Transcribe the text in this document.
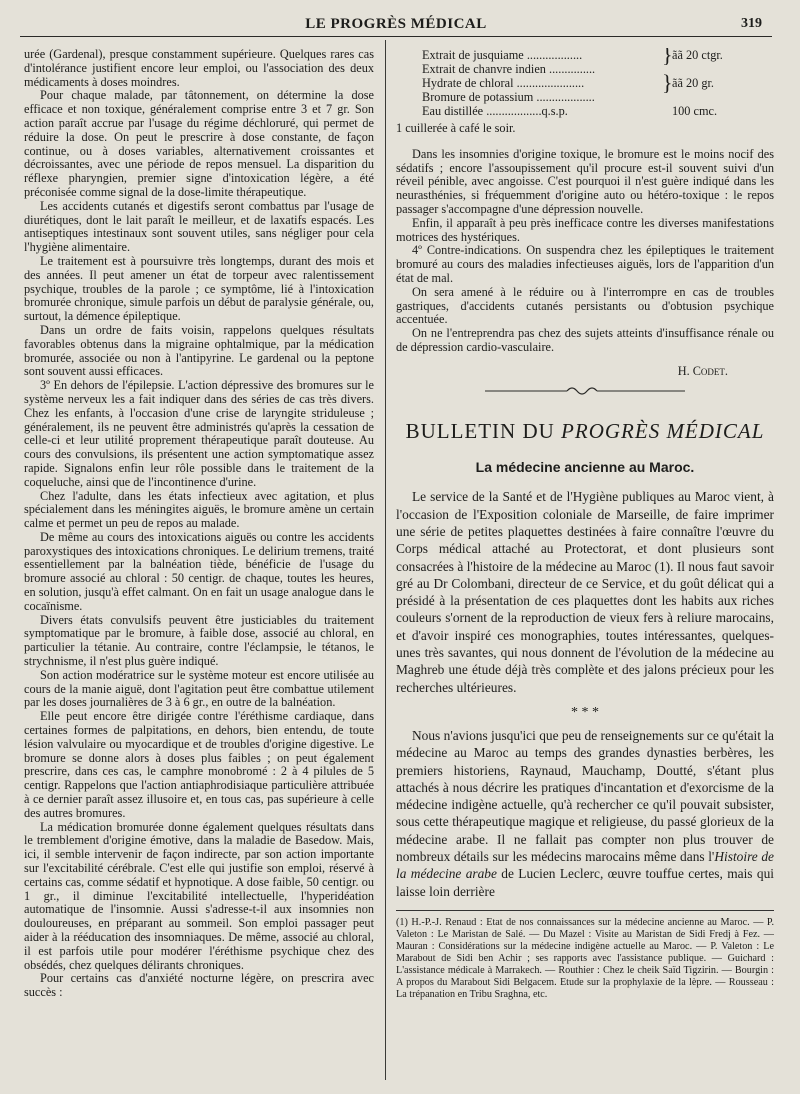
LE PROGRÈS MÉDICAL	319

urée (Gardenal), presque constamment supérieure. Quelques rares cas d'intolérance justifient encore leur emploi, ou l'association des deux médicaments à doses moindres.

Pour chaque malade, par tâtonnement, on détermine la dose efficace et non toxique, généralement comprise entre 3 et 7 gr. Son action paraît accrue par l'usage du régime déchloruré, qui permet de réduire la dose. On peut le prescrire à dose constante, de façon continue, ou à doses variables, alternativement croissantes et décroissantes, avec une période de repos mensuel. La disparition du réflexe pharyngien, premier signe d'intoxication légère, a été préconisée comme signal de la dose-limite thérapeutique.

Les accidents cutanés et digestifs seront combattus par l'usage de diurétiques, dont le lait paraît le meilleur, et de laxatifs espacés. Les antiseptiques intestinaux sont souvent utiles, sans négliger pour cela l'hygiène alimentaire.

Le traitement est à poursuivre très longtemps, durant des mois et des années. Il peut amener un état de torpeur avec ralentissement psychique, troubles de la parole ; ce symptôme, lié à l'intoxication bromurée chronique, simule parfois un début de paralysie générale, ou, surtout, la démence épileptique.

Dans un ordre de faits voisin, rappelons quelques résultats favorables obtenus dans la migraine ophtalmique, par la médication bromurée, associée ou non à l'antipyrine. Le gardenal ou la peptone sont souvent aussi efficaces.

3º En dehors de l'épilepsie. L'action dépressive des bromures sur le système nerveux les a fait indiquer dans des séries de cas très divers. Chez les enfants, à l'occasion d'une crise de laryngite striduleuse ; généralement, ils ne peuvent être administrés qu'après la cessation de celle-ci et leur utilité proprement thérapeutique paraît douteuse. Au cours des convulsions, ils présentent une action symptomatique assez rapide. Signalons enfin leur rôle possible dans le traitement de la coqueluche, ainsi que de l'incontinence d'urine.

Chez l'adulte, dans les états infectieux avec agitation, et plus spécialement dans les méningites aiguës, le bromure amène un certain calme et permet un peu de repos au malade.

De même au cours des intoxications aiguës ou contre les accidents paroxystiques des intoxications chroniques. Le delirium tremens, traité essentiellement par la balnéation tiède, bénéficie de l'usage du bromure associé au chloral : 50 centigr. de chaque, toutes les heures, en solution, jusqu'à effet calmant. On en fait un usage analogue dans le cocaïnisme.

Divers états convulsifs peuvent être justiciables du traitement symptomatique par le bromure, à faible dose, associé au chloral, en particulier la tétanie. Au contraire, contre l'éclampsie, le tétanos, le strychnisme, il n'est plus guère indiqué.

Son action modératrice sur le système moteur est encore utilisée au cours de la manie aiguë, dont l'agitation peut être combattue utilement par les doses journalières de 3 à 6 gr., en outre de la balnéation.

Elle peut encore être dirigée contre l'éréthisme cardiaque, dans certaines formes de palpitations, en dehors, bien entendu, de toute lésion valvulaire ou myocardique et de troubles d'origine digestive. Le bromure se donne alors à doses plus faibles ; on peut également prescrire, dans ces cas, le camphre monobromé : 2 à 4 pilules de 5 centigr. Rappelons que l'action antiaphrodisiaque particulière attribuée à ce dernier paraît assez illusoire et, en tous cas, pas supérieure à celle des autres bromures.

La médication bromurée donne également quelques résultats dans le tremblement d'origine émotive, dans la maladie de Basedow. Mais, ici, il semble intervenir de façon indirecte, par son action importante sur l'excitabilité cérébrale. C'est elle qui justifie son emploi, réservé à certains cas, comme sédatif et hypnotique. A dose faible, 50 centigr. ou 1 gr., il diminue l'excitabilité intellectuelle, l'hyperidéation automatique de l'insomnie. Aussi s'adresse-t-il aux insomnies non douloureuses, en préparant au sommeil. Son emploi passager peut aider à la rééducation des insomniaques. De même, associé au chloral, il est parfois utile pour modérer l'éréthisme psychique chez des obsédés, chez quelques délirants chroniques.

Pour certains cas d'anxiété nocturne légère, on prescrira avec succès :

Extrait de jusquiame ..................	} ãã 20 ctgr.
Extrait de chanvre indien ...............
Hydrate de chloral ......................	} ãã 20 gr.
Bromure de potassium ...................
Eau distillée ..................q.s.p.	100 cmc.

1 cuillerée à café le soir.

Dans les insomnies d'origine toxique, le bromure est le moins nocif des sédatifs ; encore l'assoupissement qu'il procure est-il souvent suivi d'un réveil pénible, avec angoisse. C'est pourquoi il n'est guère indiqué dans les neurasthénies, si fréquemment d'origine auto ou hétéro-toxique : le repos passager s'accompagne d'une dépression nouvelle.

Enfin, il apparaît à peu près inefficace contre les diverses manifestations motrices des hystériques.

4º Contre-indications. On suspendra chez les épileptiques le traitement bromuré au cours des maladies infectieuses aiguës, lors de l'apparition d'un état de mal.

On sera amené à le réduire ou à l'interrompre en cas de troubles gastriques, d'accidents cutanés persistants ou d'obtusion psychique accentuée.

On ne l'entreprendra pas chez des sujets atteints d'insuffisance rénale ou de dépression cardio-vasculaire.

H. Codet.
BULLETIN DU PROGRÈS MÉDICAL
La médecine ancienne au Maroc.

Le service de la Santé et de l'Hygiène publiques au Maroc vient, à l'occasion de l'Exposition coloniale de Marseille, de faire imprimer une série de petites plaquettes destinées à faire connaître l'œuvre du Corps médical attaché au Protectorat, et dont plusieurs sont consacrées à l'histoire de la médecine au Maroc (1). Il nous faut savoir gré au Dr Colombani, directeur de ce Service, et du goût délicat qui a présidé à la présentation de ces plaquettes dont les habits aux riches couleurs s'ornent de la reproduction de vieux fers à reliure marocains, et d'avoir inspiré ces monographies, toutes intéressantes, quelques-unes très savantes, qui nous donnent de l'évolution de la médecine au Maghreb une étude déjà très complète et des jalons précieux pour les recherches ultérieures.

* * *

Nous n'avions jusqu'ici que peu de renseignements sur ce qu'était la médecine au Maroc au temps des grandes dynasties berbères, les premiers historiens, Raynaud, Mauchamp, Doutté, s'étant plus attachés à nous décrire les pratiques d'incantation et d'exorcisme de la médecine indigène actuelle, qu'à rechercher ce qu'il pouvait subsister, sous cette thérapeutique magique et religieuse, du passé glorieux de la médecine arabe. Il ne fallait pas compter non plus trouver de nombreux détails sur les médecins marocains même dans l'Histoire de la médecine arabe de Lucien Leclerc, œuvre touffue certes, mais qui laisse loin derrière

(1) H.-P.-J. Renaud : Etat de nos connaissances sur la médecine ancienne au Maroc. — P. Valeton : Le Maristan de Salé. — Du Mazel : Visite au Maristan de Sidi Fredj à Fez. — Mauran : Considérations sur la médecine indigène actuelle au Maroc. — P. Valeton : Le Marabout de Sidi ben Achir ; ses rapports avec l'assistance publique. — Guichard : L'assistance médicale à Marrakech. — Routhier : Chez le cheik Saïd Tigzirin. — Bourgin : A propos du Marabout Sidi Belgacem. Etude sur la prophylaxie de la lèpre. — Rousseau : La trépanation en Tribu Sraghna, etc.
